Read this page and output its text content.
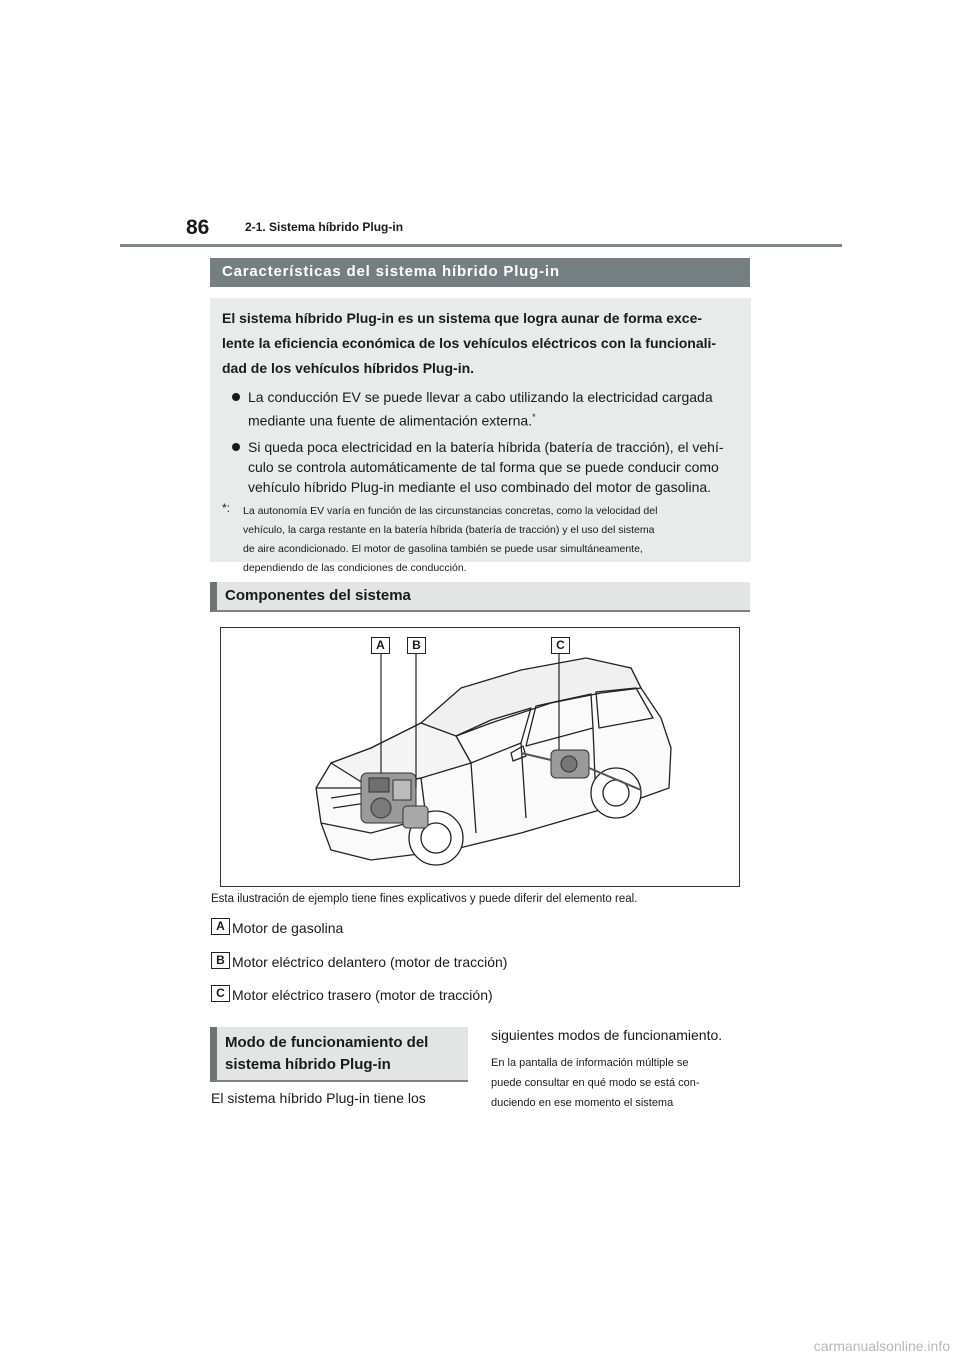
86	2-1. Sistema híbrido Plug-in
Características del sistema híbrido Plug-in

El sistema híbrido Plug-in es un sistema que logra aunar de forma exce-
lente la eficiencia económica de los vehículos eléctricos con la funcionali-
dad de los vehículos híbridos Plug-in.

La conducción EV se puede llevar a cabo utilizando la electricidad cargada
mediante una fuente de alimentación externa.*
Si queda poca electricidad en la batería híbrida (batería de tracción), el vehí-
culo se controla automáticamente de tal forma que se puede conducir como
vehículo híbrido Plug-in mediante el uso combinado del motor de gasolina.
*: La autonomía EV varía en función de las circunstancias concretas, como la velocidad del
vehículo, la carga restante en la batería híbrida (batería de tracción) y el uso del sistema
de aire acondicionado. El motor de gasolina también se puede usar simultáneamente,
dependiendo de las condiciones de conducción.
Componentes del sistema
A	B	C
Esta ilustración de ejemplo tiene fines explicativos y puede diferir del elemento real.
A Motor de gasolina
B Motor eléctrico delantero (motor de tracción)
C Motor eléctrico trasero (motor de tracción)
Modo de funcionamiento del
sistema híbrido Plug-in
El sistema híbrido Plug-in tiene los
siguientes modos de funcionamiento.
En la pantalla de información múltiple se
puede consultar en qué modo se está con-
duciendo en ese momento el sistema
carmanualsonline.info
